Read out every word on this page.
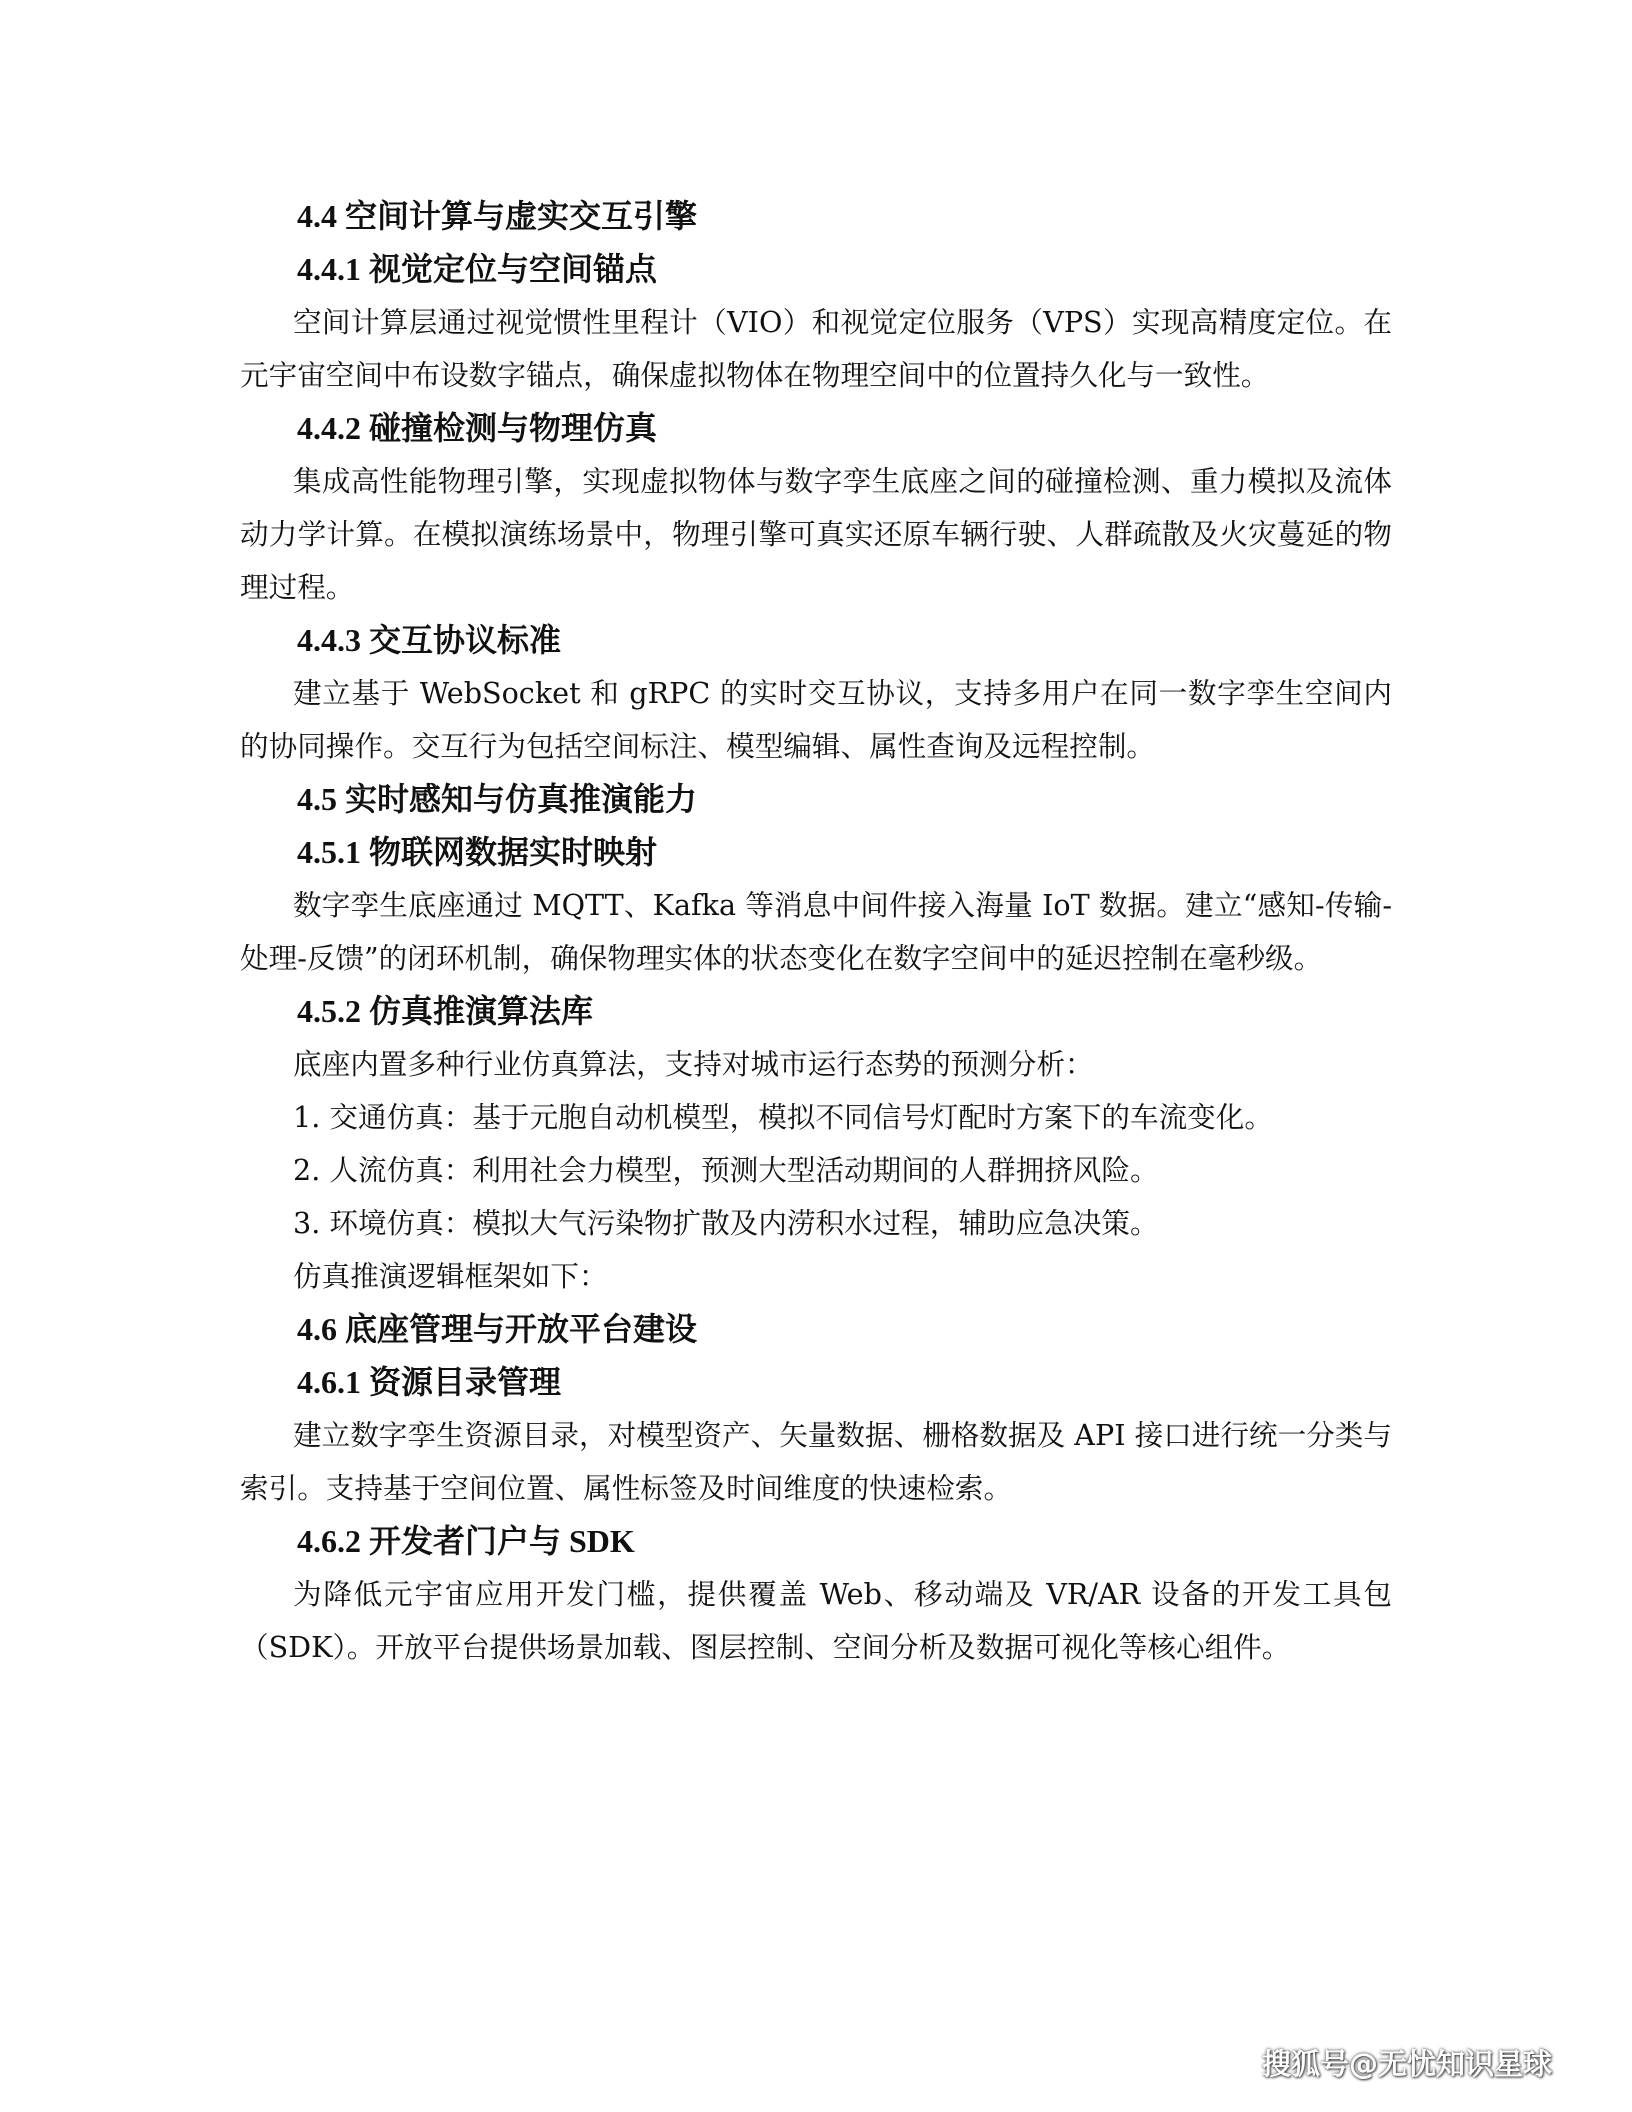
4.4 空间计算与虚实交互引擎
4.4.1 视觉定位与空间锚点

空间计算层通过视觉惯性里程计（VIO）和视觉定位服务（VPS）实现高精度定位。在元宇宙空间中布设数字锚点，确保虚拟物体在物理空间中的位置持久化与一致性。

4.4.2 碰撞检测与物理仿真

集成高性能物理引擎，实现虚拟物体与数字孪生底座之间的碰撞检测、重力模拟及流体动力学计算。在模拟演练场景中，物理引擎可真实还原车辆行驶、人群疏散及火灾蔓延的物理过程。

4.4.3 交互协议标准

建立基于 WebSocket 和 gRPC 的实时交互协议，支持多用户在同一数字孪生空间内的协同操作。交互行为包括空间标注、模型编辑、属性查询及远程控制。

4.5 实时感知与仿真推演能力
4.5.1 物联网数据实时映射

数字孪生底座通过 MQTT、Kafka 等消息中间件接入海量 IoT 数据。建立“感知-传输-处理-反馈”的闭环机制，确保物理实体的状态变化在数字空间中的延迟控制在毫秒级。

4.5.2 仿真推演算法库

底座内置多种行业仿真算法，支持对城市运行态势的预测分析：

1. 交通仿真：基于元胞自动机模型，模拟不同信号灯配时方案下的车流变化。

2. 人流仿真：利用社会力模型，预测大型活动期间的人群拥挤风险。

3. 环境仿真：模拟大气污染物扩散及内涝积水过程，辅助应急决策。

仿真推演逻辑框架如下：

4.6 底座管理与开放平台建设
4.6.1 资源目录管理

建立数字孪生资源目录，对模型资产、矢量数据、栅格数据及 API 接口进行统一分类与索引。支持基于空间位置、属性标签及时间维度的快速检索。

4.6.2 开发者门户与 SDK

为降低元宇宙应用开发门槛，提供覆盖 Web、移动端及 VR/AR 设备的开发工具包（SDK）。开放平台提供场景加载、图层控制、空间分析及数据可视化等核心组件。

搜狐号@无忧知识星球
